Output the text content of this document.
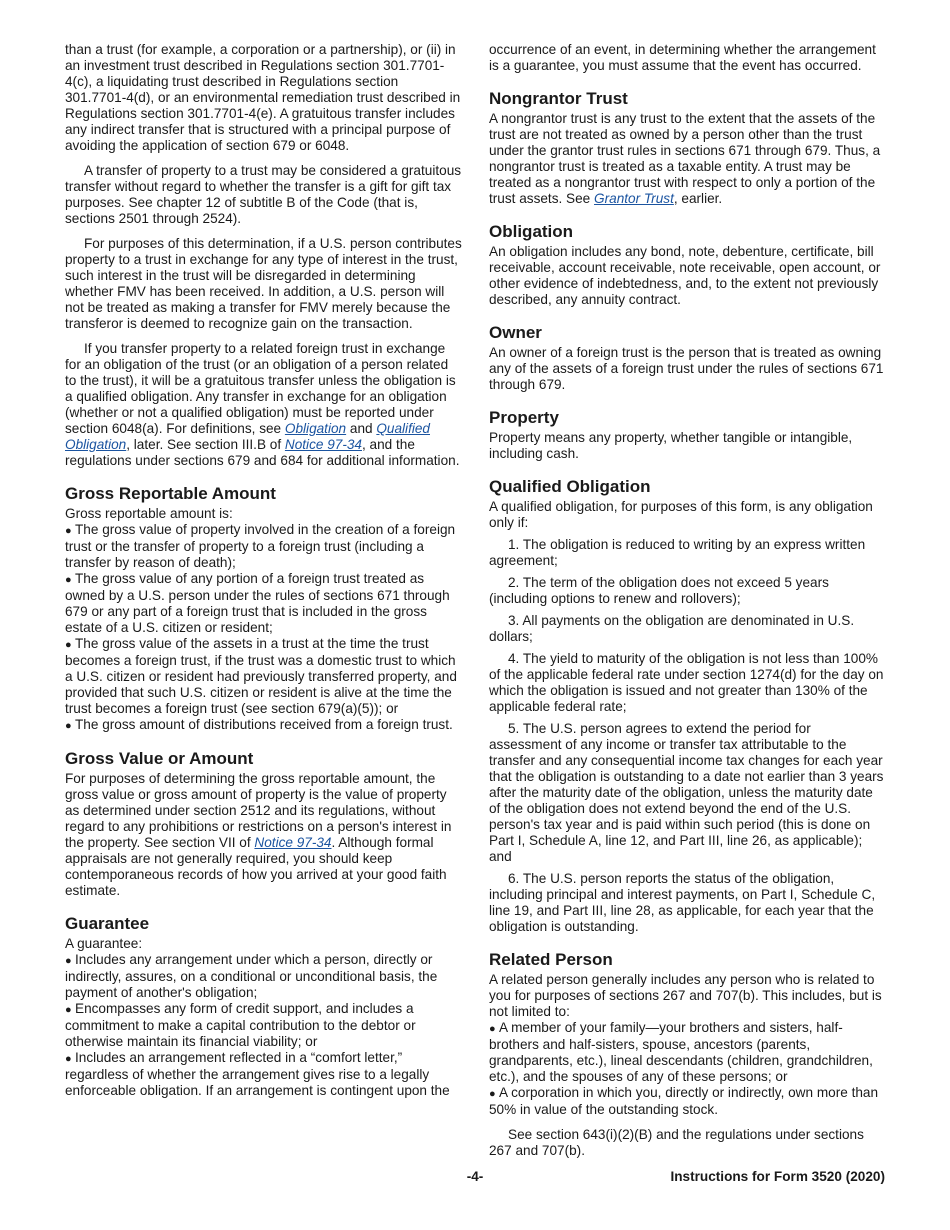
than a trust (for example, a corporation or a partnership), or (ii) in an investment trust described in Regulations section 301.7701-4(c), a liquidating trust described in Regulations section 301.7701-4(d), or an environmental remediation trust described in Regulations section 301.7701-4(e). A gratuitous transfer includes any indirect transfer that is structured with a principal purpose of avoiding the application of section 679 or 6048.

A transfer of property to a trust may be considered a gratuitous transfer without regard to whether the transfer is a gift for gift tax purposes. See chapter 12 of subtitle B of the Code (that is, sections 2501 through 2524).

For purposes of this determination, if a U.S. person contributes property to a trust in exchange for any type of interest in the trust, such interest in the trust will be disregarded in determining whether FMV has been received. In addition, a U.S. person will not be treated as making a transfer for FMV merely because the transferor is deemed to recognize gain on the transaction.

If you transfer property to a related foreign trust in exchange for an obligation of the trust (or an obligation of a person related to the trust), it will be a gratuitous transfer unless the obligation is a qualified obligation. Any transfer in exchange for an obligation (whether or not a qualified obligation) must be reported under section 6048(a). For definitions, see Obligation and Qualified Obligation, later. See section III.B of Notice 97-34, and the regulations under sections 679 and 684 for additional information.

Gross Reportable Amount

Gross reportable amount is:

● The gross value of property involved in the creation of a foreign trust or the transfer of property to a foreign trust (including a transfer by reason of death);
● The gross value of any portion of a foreign trust treated as owned by a U.S. person under the rules of sections 671 through 679 or any part of a foreign trust that is included in the gross estate of a U.S. citizen or resident;
● The gross value of the assets in a trust at the time the trust becomes a foreign trust, if the trust was a domestic trust to which a U.S. citizen or resident had previously transferred property, and provided that such U.S. citizen or resident is alive at the time the trust becomes a foreign trust (see section 679(a)(5)); or
● The gross amount of distributions received from a foreign trust.
Gross Value or Amount

For purposes of determining the gross reportable amount, the gross value or gross amount of property is the value of property as determined under section 2512 and its regulations, without regard to any prohibitions or restrictions on a person's interest in the property. See section VII of Notice 97-34. Although formal appraisals are not generally required, you should keep contemporaneous records of how you arrived at your good faith estimate.

Guarantee

A guarantee:

● Includes any arrangement under which a person, directly or indirectly, assures, on a conditional or unconditional basis, the payment of another's obligation;
● Encompasses any form of credit support, and includes a commitment to make a capital contribution to the debtor or otherwise maintain its financial viability; or
● Includes an arrangement reflected in a “comfort letter,” regardless of whether the arrangement gives rise to a legally enforceable obligation. If an arrangement is contingent upon the

occurrence of an event, in determining whether the arrangement is a guarantee, you must assume that the event has occurred.

Nongrantor Trust

A nongrantor trust is any trust to the extent that the assets of the trust are not treated as owned by a person other than the trust under the grantor trust rules in sections 671 through 679. Thus, a nongrantor trust is treated as a taxable entity. A trust may be treated as a nongrantor trust with respect to only a portion of the trust assets. See Grantor Trust, earlier.

Obligation

An obligation includes any bond, note, debenture, certificate, bill receivable, account receivable, note receivable, open account, or other evidence of indebtedness, and, to the extent not previously described, any annuity contract.

Owner

An owner of a foreign trust is the person that is treated as owning any of the assets of a foreign trust under the rules of sections 671 through 679.

Property

Property means any property, whether tangible or intangible, including cash.

Qualified Obligation

A qualified obligation, for purposes of this form, is any obligation only if:

1. The obligation is reduced to writing by an express written agreement;

2. The term of the obligation does not exceed 5 years (including options to renew and rollovers);

3. All payments on the obligation are denominated in U.S. dollars;

4. The yield to maturity of the obligation is not less than 100% of the applicable federal rate under section 1274(d) for the day on which the obligation is issued and not greater than 130% of the applicable federal rate;

5. The U.S. person agrees to extend the period for assessment of any income or transfer tax attributable to the transfer and any consequential income tax changes for each year that the obligation is outstanding to a date not earlier than 3 years after the maturity date of the obligation, unless the maturity date of the obligation does not extend beyond the end of the U.S. person's tax year and is paid within such period (this is done on Part I, Schedule A, line 12, and Part III, line 26, as applicable); and

6. The U.S. person reports the status of the obligation, including principal and interest payments, on Part I, Schedule C, line 19, and Part III, line 28, as applicable, for each year that the obligation is outstanding.

Related Person

A related person generally includes any person who is related to you for purposes of sections 267 and 707(b). This includes, but is not limited to:

● A member of your family—your brothers and sisters, half-brothers and half-sisters, spouse, ancestors (parents, grandparents, etc.), lineal descendants (children, grandchildren, etc.), and the spouses of any of these persons; or
● A corporation in which you, directly or indirectly, own more than 50% in value of the outstanding stock.

See section 643(i)(2)(B) and the regulations under sections 267 and 707(b).

-4-	Instructions for Form 3520 (2020)
